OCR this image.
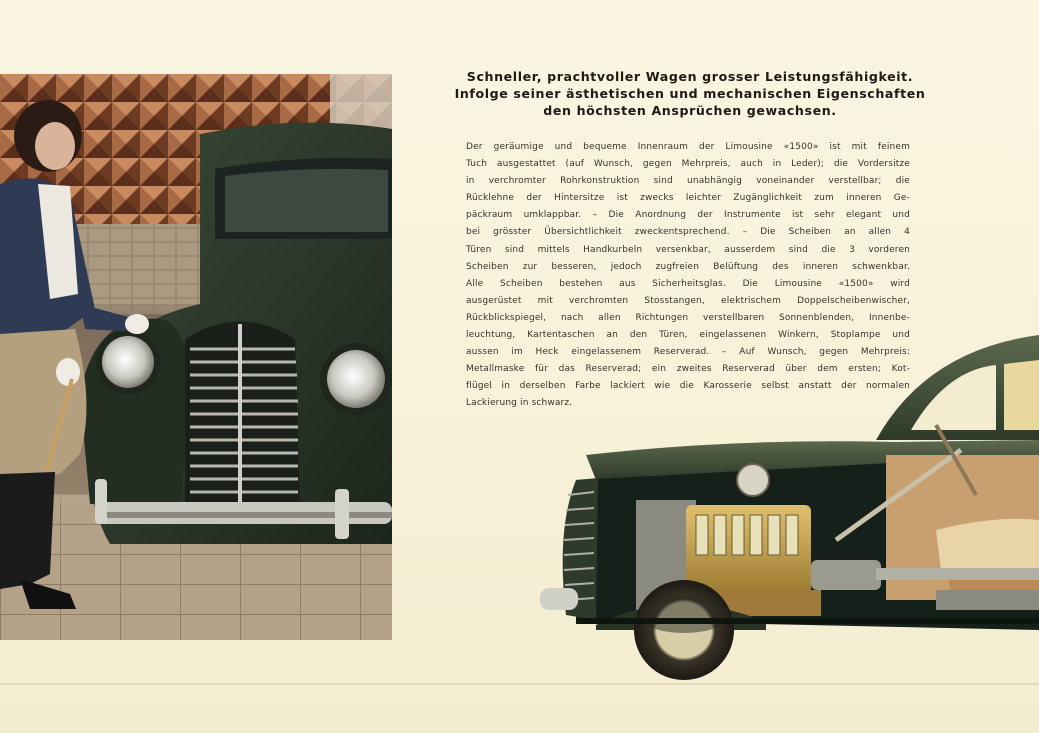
Schneller, prachtvoller Wagen grosser Leistungsfähigkeit.
Infolge seiner ästhetischen und mechanischen Eigenschaften
den höchsten Ansprüchen gewachsen.
Der geräumige und bequeme Innenraum der Limousine «1500» ist mit feinem
Tuch ausgestattet (auf Wunsch, gegen Mehrpreis, auch in Leder); die Vordersitze
in verchromter Rohrkonstruktion sind unabhängig voneinander verstellbar; die
Rücklehne der Hintersitze ist zwecks leichter Zugänglichkeit zum inneren Ge-
päckraum umklappbar. – Die Anordnung der Instrumente ist sehr elegant und
bei grösster Übersichtlichkeit zweckentsprechend. – Die Scheiben an allen 4
Türen sind mittels Handkurbeln versenkbar, ausserdem sind die 3 vorderen
Scheiben zur besseren, jedoch zugfreien Belüftung des inneren schwenkbar.
Alle Scheiben bestehen aus Sicherheitsglas. Die Limousine «1500» wird
ausgerüstet mit verchromten Stosstangen, elektrischem Doppelscheibenwischer,
Rückblickspiegel, nach allen Richtungen verstellbaren Sonnenblenden, Innenbe-
leuchtung, Kartentaschen an den Türen, eingelassenen Winkern, Stoplampe und
aussen im Heck eingelassenem Reserverad. – Auf Wunsch, gegen Mehrpreis:
Metallmaske für das Reserverad; ein zweites Reserverad über dem ersten; Kot-
flügel in derselben Farbe lackiert wie die Karosserie selbst anstatt der normalen
Lackierung in schwarz.
